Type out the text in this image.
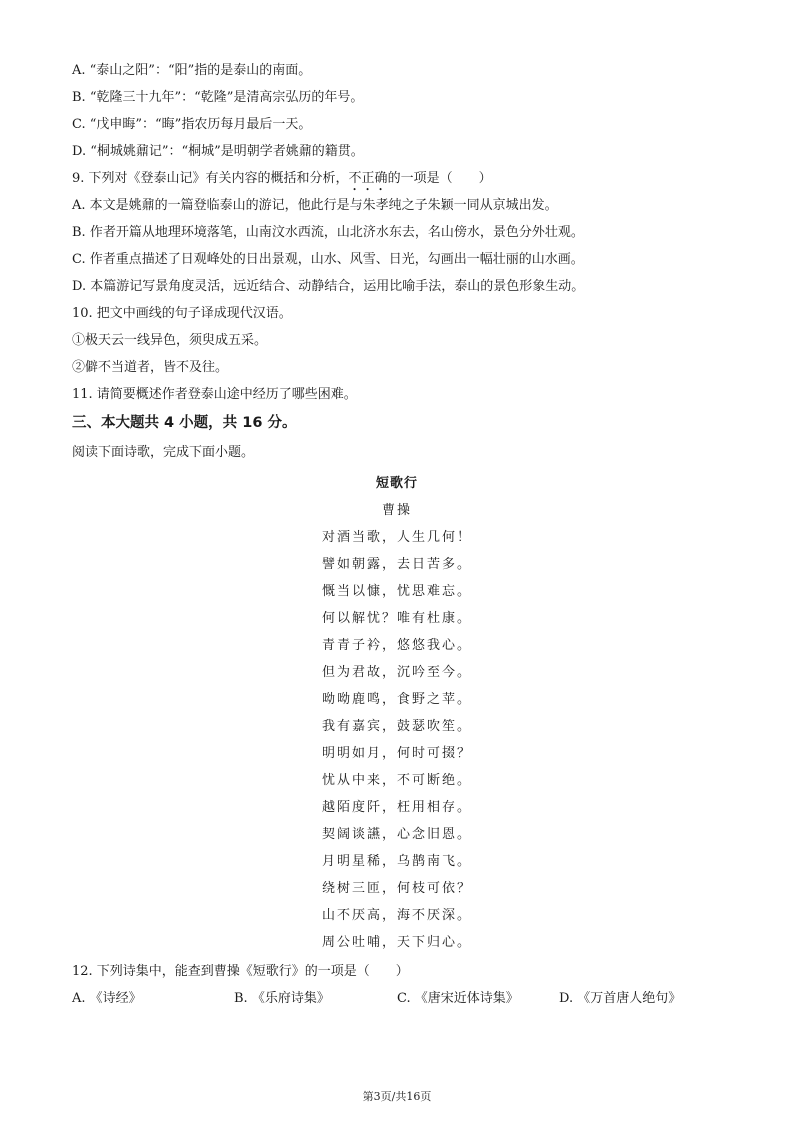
A. “泰山之阳”：“阳”指的是泰山的南面。
B. “乾隆三十九年”：“乾隆”是清高宗弘历的年号。
C. “戊申晦”：“晦”指农历每月最后一天。
D. “桐城姚鼐记”：“桐城”是明朝学者姚鼐的籍贯。
9. 下列对《登泰山记》有关内容的概括和分析，不正确的一项是（　　）
A. 本文是姚鼐的一篇登临泰山的游记，他此行是与朱孝纯之子朱颖一同从京城出发。
B. 作者开篇从地理环境落笔，山南汶水西流，山北济水东去，名山傍水，景色分外壮观。
C. 作者重点描述了日观峰处的日出景观，山水、风雪、日光，勾画出一幅壮丽的山水画。
D. 本篇游记写景角度灵活，远近结合、动静结合，运用比喻手法，泰山的景色形象生动。
10. 把文中画线的句子译成现代汉语。
①极天云一线异色，须臾成五采。
②僻不当道者，皆不及往。
11. 请简要概述作者登泰山途中经历了哪些困难。
三、本大题共 4 小题，共 16 分。
阅读下面诗歌，完成下面小题。
短歌行
曹操
对酒当歌，人生几何！
譬如朝露，去日苦多。
慨当以慷，忧思难忘。
何以解忧？唯有杜康。
青青子衿，悠悠我心。
但为君故，沉吟至今。
呦呦鹿鸣，食野之苹。
我有嘉宾，鼓瑟吹笙。
明明如月，何时可掇？
忧从中来，不可断绝。
越陌度阡，枉用相存。
契阔谈讌，心念旧恩。
月明星稀，乌鹊南飞。
绕树三匝，何枝可依？
山不厌高，海不厌深。
周公吐哺，天下归心。
12. 下列诗集中，能查到曹操《短歌行》的一项是（　　）
A. 《诗经》	B. 《乐府诗集》	C. 《唐宋近体诗集》	D. 《万首唐人绝句》
第3页/共16页
